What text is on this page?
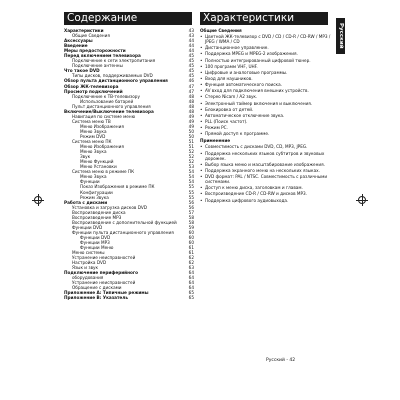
Содержание	Характеристики
Характеристики	43
Общие Сведения	43
Аксессуары	44
Введение	44
Меры предосторожности	44
Перед включением телевизора	45
Подключение к сети электропитания	45
Подключение антенны	45
Что такое DVD	45
Типы дисков, поддерживаемых DVD	45
Обзор пульта дистанционного управления	46
Обзор ЖК-телевизора	47
Просмотр подключений	47
Подключение к ТВ-телевизору	48
Использование батарей	48
Пульт дистанционного управления	48
Включение/Выключение телевизора	48
Навигация по системе меню	49
Система меню ТВ	49
Меню Изображения	49
Меню Звука	50
Режим DVD	50
Система меню ПК	51
Меню Изображения	51
Меню Звука	52
Звук	52
Меню Функций	52
Меню Установки	53
Система меню в режиме ПК	54
Меню Звука	54
Функции	54
Показ Изображения в режиме ПК	55
Конфигурации	55
Режим Звука	55
Работа с дисками	56
Установка и загрузка дисков DVD	56
Воспроизведение диска	57
Воспроизведение MP3	58
Воспроизведение с дополнительной функцией	58
Функции DVD	59
Функции пульта дистанционного управления	60
Функции DVD	60
Функции MP3	60
Функции Меню	61
Меню системы	61
Устранение неисправностей	62
Настройка DVD	62
Язык и звук	63
Подключение периферийного	64
оборудования	64
Устранение неисправностей	64
Обращение с дисками	64
Приложение А: Типичные режимы	65
Приложение В: Указатель	65
Общие Сведения
• Цветной ЖК-телевизор с DVD / CD / CD-R / CD-RW / MP3 / JPEG / WMA / CD
• Дистанционное управление.
• Поддержка MPEG и MPEG-2 изображения.
• Полностью интегрированный цифровой тюнер.
• 100 программ VHF, UHF.
• Цифровые и аналоговые программы.
• Вход для наушников.
• Функция автоматического поиска.
• AV вход для подключения внешних устройств.
• Стерео Nicam / A2 звук.
• Электронный таймер включения и выключения.
• Блокировка от детей.
• Автоматическое отключение звука.
• PLL (Поиск частот).
• Режим PC.
• Прямой доступ к программе.
Применение
• Совместимость с дисками DVD, CD, MP3, JPEG.
• Поддержка нескольких языков субтитров и звуковых дорожек.
• Выбор языка меню и масштабирование изображения.
• Поддержка экранного меню на нескольких языках.
• DVD формат: PAL / NTSC. Совместимость с различными системами.
• Доступ к меню диска, заголовкам и главам.
• Воспроизведение CD-R / CD-RW и дисков MP3.
• Поддержка цифрового аудиовыхода.
Русский
Русский - 42
